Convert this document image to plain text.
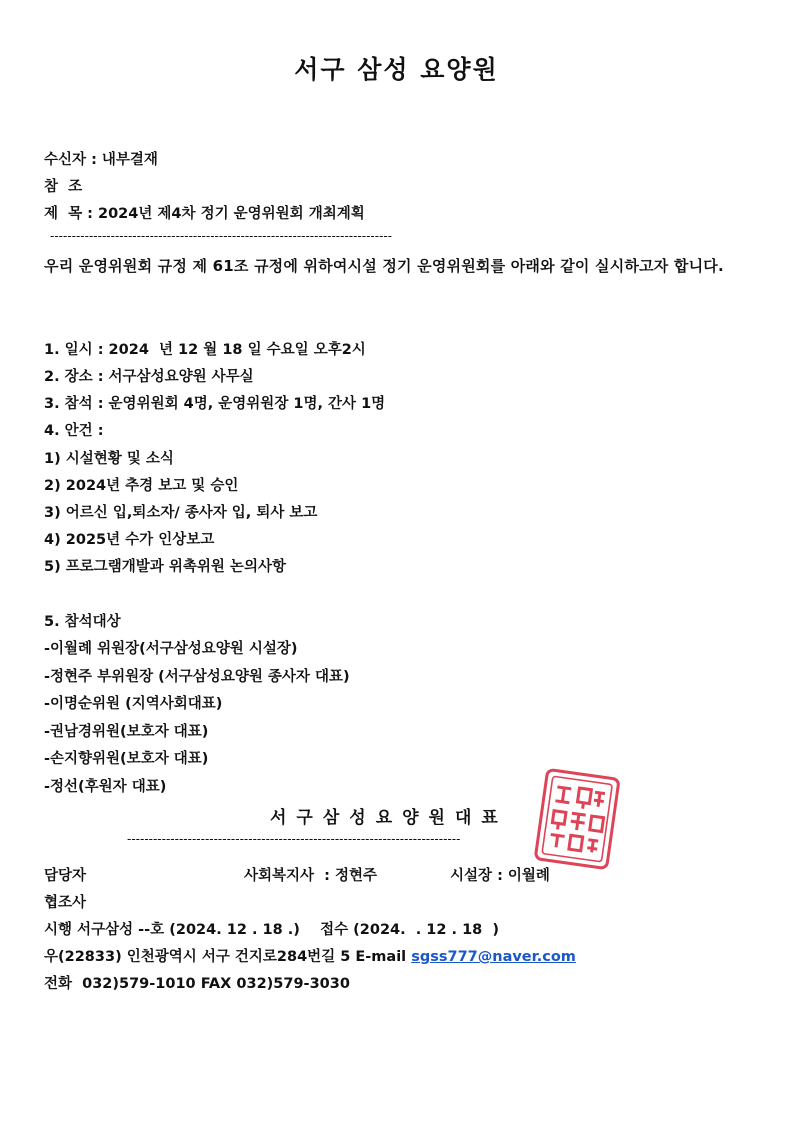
서구 삼성 요양원
수신자 : 내부결재
참  조
제  목 : 2024년 제4차 정기 운영위원회 개최계획
-------------------------------------------------------------------------------
우리 운영위원회 규정 제 61조 규정에 위하여시설 정기 운영위원회를 아래와 같이 실시하고자 합니다.
1. 일시 : 2024  년 12 월 18 일 수요일 오후2시
2. 장소 : 서구삼성요양원 사무실
3. 참석 : 운영위원회 4명, 운영위원장 1명, 간사 1명
4. 안건 :
1) 시설현황 및 소식
2) 2024년 추경 보고 및 승인
3) 어르신 입,퇴소자/ 종사자 입, 퇴사 보고
4) 2025년 수가 인상보고
5) 프로그램개발과 위촉위원 논의사항
5. 참석대상
-이월례 위원장(서구삼성요양원 시설장)
-정현주 부위원장 (서구삼성요양원 종사자 대표)
-이명순위원 (지역사회대표)
-권남경위원(보호자 대표)
-손지향위원(보호자 대표)
-정선(후원자 대표)
서구삼성요양원대표
-----------------------------------------------------------------------------
담당자	사회복지사  : 정현주	시설장 : 이월례
협조사
시행 서구삼성 --호 (2024. 12 . 18 .)    접수 (2024.  . 12 . 18  )
우(22833) 인천광역시 서구 건지로284번길 5 E-mail sgss777@naver.com
전화  032)579-1010 FAX 032)579-3030
